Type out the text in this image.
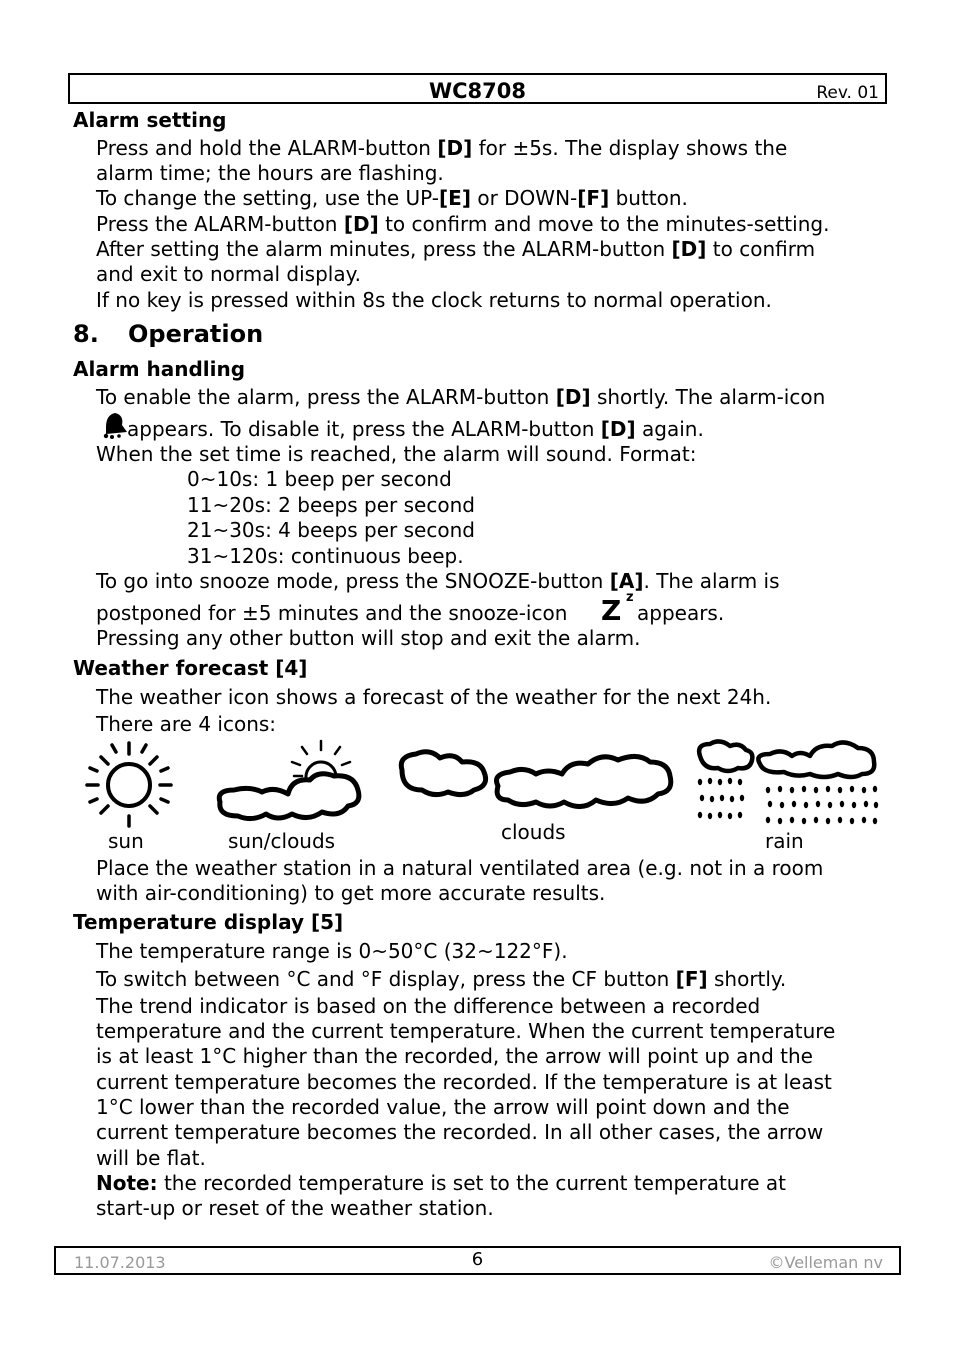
WC8708	Rev. 01
Alarm setting
Press and hold the ALARM-button [D] for ±5s. The display shows the
alarm time; the hours are flashing.
To change the setting, use the UP-[E] or DOWN-[F] button.
Press the ALARM-button [D] to confirm and move to the minutes-setting.
After setting the alarm minutes, press the ALARM-button [D] to confirm
and exit to normal display.
If no key is pressed within 8s the clock returns to normal operation.
8. Operation
Alarm handling
To enable the alarm, press the ALARM-button [D] shortly. The alarm-icon
appears. To disable it, press the ALARM-button [D] again.
When the set time is reached, the alarm will sound. Format:
0~10s: 1 beep per second
11~20s: 2 beeps per second
21~30s: 4 beeps per second
31~120s: continuous beep.
To go into snooze mode, press the SNOOZE-button [A]. The alarm is
postponed for ±5 minutes and the snooze-icon Z z
appears.
Pressing any other button will stop and exit the alarm.
Weather forecast [4]
The weather icon shows a forecast of the weather for the next 24h.
There are 4 icons:
sun	sun/clouds	clouds	rain
Place the weather station in a natural ventilated area (e.g. not in a room
with air-conditioning) to get more accurate results.
Temperature display [5]
The temperature range is 0~50°C (32~122°F).
To switch between °C and °F display, press the CF button [F] shortly.
The trend indicator is based on the difference between a recorded
temperature and the current temperature. When the current temperature
is at least 1°C higher than the recorded, the arrow will point up and the
current temperature becomes the recorded. If the temperature is at least
1°C lower than the recorded value, the arrow will point down and the
current temperature becomes the recorded. In all other cases, the arrow
will be flat.
Note: the recorded temperature is set to the current temperature at
start-up or reset of the weather station.
11.07.2013	6	©Velleman nv
